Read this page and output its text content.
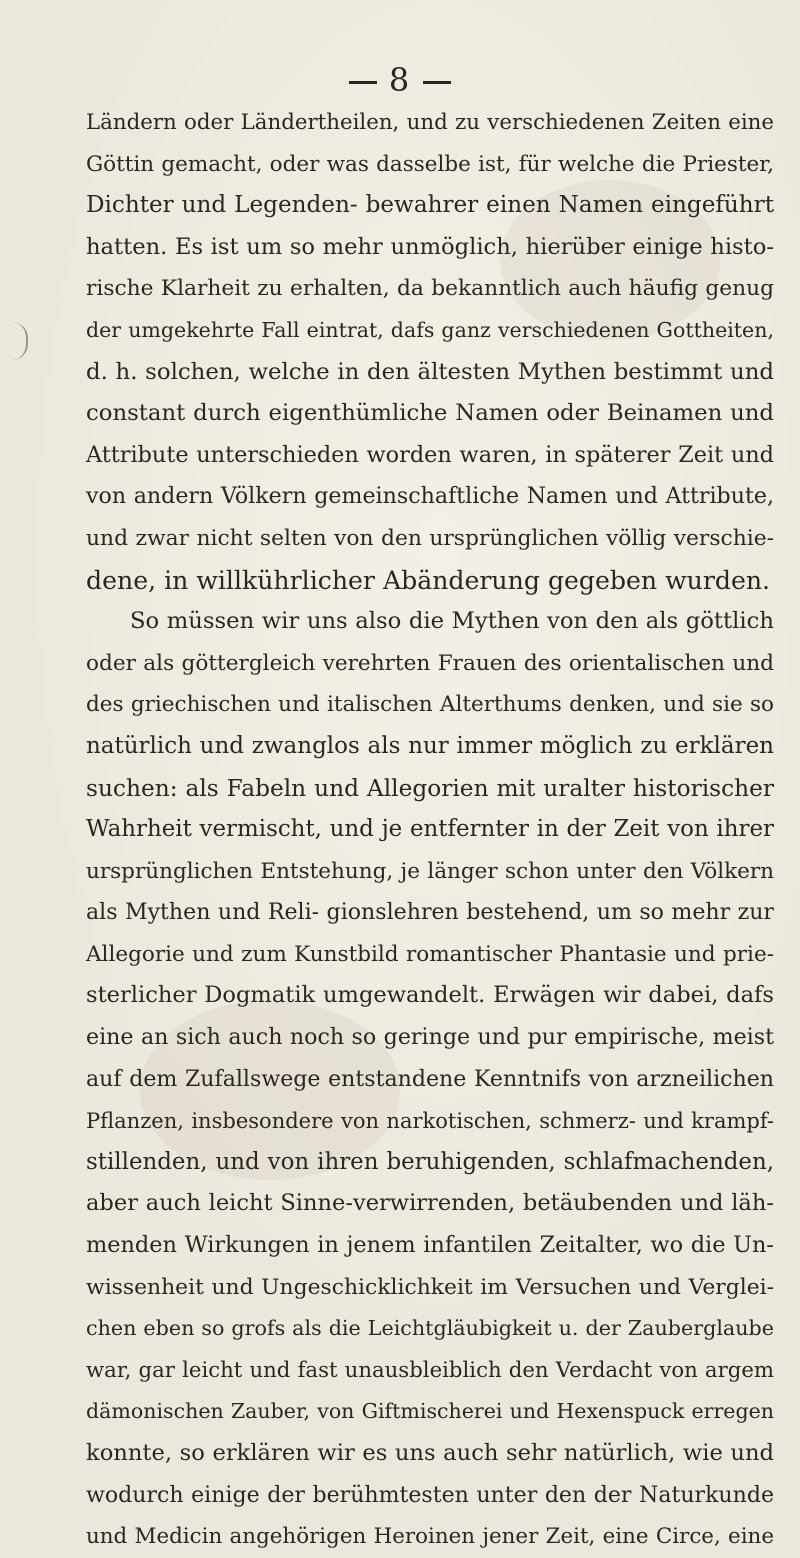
8
Ländern oder Ländertheilen, und zu verschiedenen Zeiten eine
Göttin gemacht, oder was dasselbe ist, für welche die Priester,
Dichter und Legenden- bewahrer einen Namen eingeführt
hatten. Es ist um so mehr unmöglich, hierüber einige histo-
rische Klarheit zu erhalten, da bekanntlich auch häufig genug
der umgekehrte Fall eintrat, dafs ganz verschiedenen Gottheiten,
d. h. solchen, welche in den ältesten Mythen bestimmt und
constant durch eigenthümliche Namen oder Beinamen und
Attribute unterschieden worden waren, in späterer Zeit und
von andern Völkern gemeinschaftliche Namen und Attribute,
und zwar nicht selten von den ursprünglichen völlig verschie-
dene, in willkührlicher Abänderung gegeben wurden.
So müssen wir uns also die Mythen von den als göttlich
oder als göttergleich verehrten Frauen des orientalischen und
des griechischen und italischen Alterthums denken, und sie so
natürlich und zwanglos als nur immer möglich zu erklären
suchen: als Fabeln und Allegorien mit uralter historischer
Wahrheit vermischt, und je entfernter in der Zeit von ihrer
ursprünglichen Entstehung, je länger schon unter den Völkern
als Mythen und Reli- gionslehren bestehend, um so mehr zur
Allegorie und zum Kunstbild romantischer Phantasie und prie-
sterlicher Dogmatik umgewandelt. Erwägen wir dabei, dafs
eine an sich auch noch so geringe und pur empirische, meist
auf dem Zufallswege entstandene Kenntnifs von arzneilichen
Pflanzen, insbesondere von narkotischen, schmerz- und krampf-
stillenden, und von ihren beruhigenden, schlafmachenden,
aber auch leicht Sinne-verwirrenden, betäubenden und läh-
menden Wirkungen in jenem infantilen Zeitalter, wo die Un-
wissenheit und Ungeschicklichkeit im Versuchen und Verglei-
chen eben so grofs als die Leichtgläubigkeit u. der Zauberglaube
war, gar leicht und fast unausbleiblich den Verdacht von argem
dämonischen Zauber, von Giftmischerei und Hexenspuck erregen
konnte, so erklären wir es uns auch sehr natürlich, wie und
wodurch einige der berühmtesten unter den der Naturkunde
und Medicin angehörigen Heroinen jener Zeit, eine Circe, eine
